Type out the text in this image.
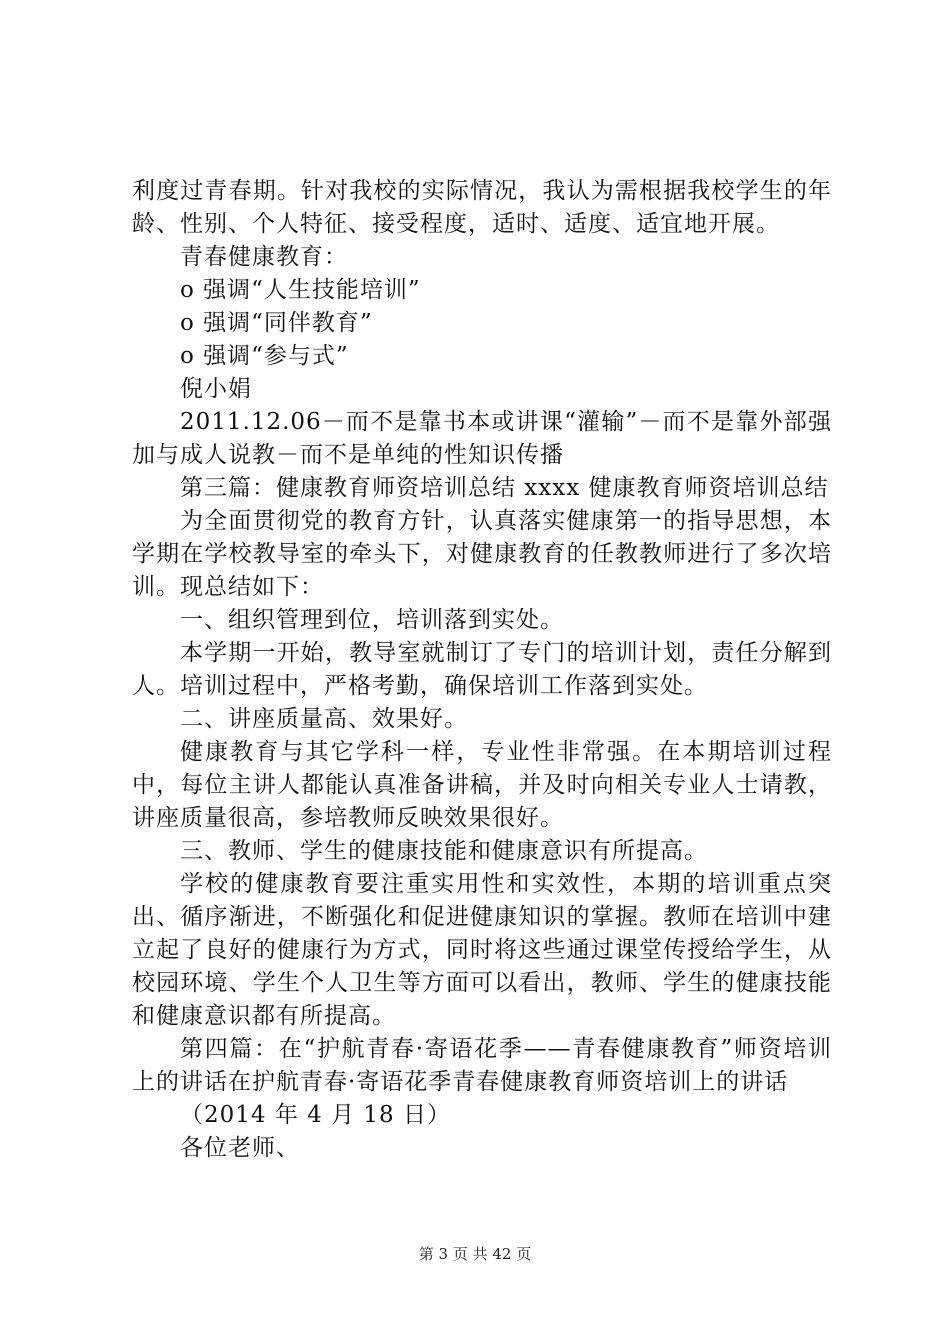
利度过青春期。针对我校的实际情况，我认为需根据我校学生的年龄、性别、个人特征、接受程度，适时、适度、适宜地开展。

青春健康教育：

o 强调“人生技能培训”

o 强调“同伴教育”

o 强调“参与式”

倪小娟

2011.12.06－而不是靠书本或讲课“灌输”－而不是靠外部强加与成人说教－而不是单纯的性知识传播

第三篇：健康教育师资培训总结 xxxx 健康教育师资培训总结

为全面贯彻党的教育方针，认真落实健康第一的指导思想，本学期在学校教导室的牵头下，对健康教育的任教教师进行了多次培训。现总结如下：

一、组织管理到位，培训落到实处。

本学期一开始，教导室就制订了专门的培训计划，责任分解到人。培训过程中，严格考勤，确保培训工作落到实处。

二、讲座质量高、效果好。

健康教育与其它学科一样，专业性非常强。在本期培训过程中，每位主讲人都能认真准备讲稿，并及时向相关专业人士请教，讲座质量很高，参培教师反映效果很好。

三、教师、学生的健康技能和健康意识有所提高。

学校的健康教育要注重实用性和实效性，本期的培训重点突出、循序渐进，不断强化和促进健康知识的掌握。教师在培训中建立起了良好的健康行为方式，同时将这些通过课堂传授给学生，从校园环境、学生个人卫生等方面可以看出，教师、学生的健康技能和健康意识都有所提高。

第四篇：在“护航青春·寄语花季——青春健康教育”师资培训上的讲话在护航青春·寄语花季青春健康教育师资培训上的讲话

（2014 年 4 月 18 日）

各位老师、

第 3 页 共 42 页
